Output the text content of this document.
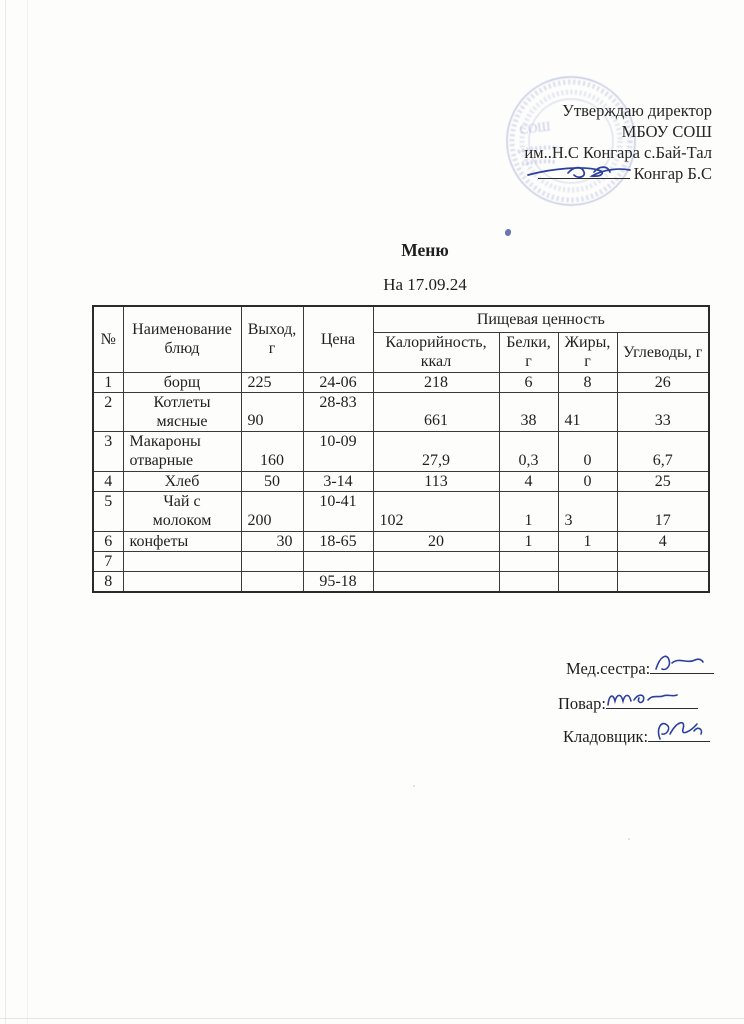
СОШ
Утверждаю директор
МБОУ СОШ
им..Н.С Конгара с.Бай-Тал
Конгар Б.С
Меню
На 17.09.24
№	Наименование блюд	Выход, г	Цена	Пищевая ценность			
				Калорийность, ккал	Белки, г	Жиры, г	Углеводы, г
1	борщ	225	24-06	218	6	8	26
2	Котлеты
мясные	90	28-83	661	38	41	33
3	Макароны
отварные	160	10-09	27,9	0,3	0	6,7
4	Хлеб	50	3-14	113	4	0	25
5	Чай с
молоком	200	10-41	102	1	3	17
6	конфеты	30	18-65	20	1	1	4
7							
8			95-18				
Мед.сестра:
Повар:
Кладовщик:
